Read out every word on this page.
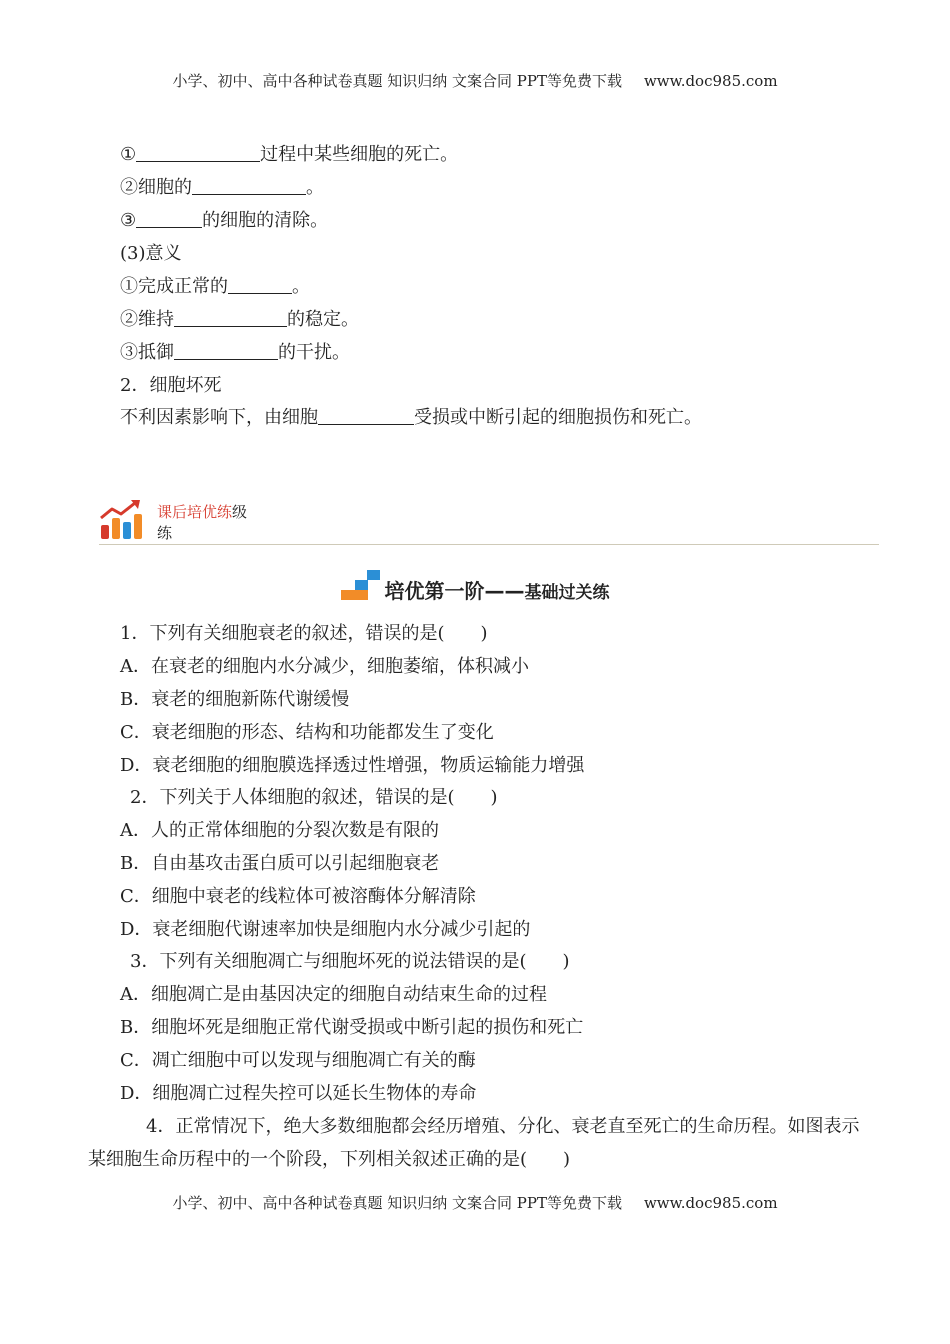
小学、初中、高中各种试卷真题 知识归纳 文案合同 PPT等免费下载 www.doc985.com
①	过程中某些细胞的死亡。
②细胞的	。
③	的细胞的清除。
(3)意义
①完成正常的	。
②维持	的稳定。
③抵御	的干扰。
2．细胞坏死
不利因素影响下，由细胞	受损或中断引起的细胞损伤和死亡。
课后培优练级
练
培优第一阶——基础过关练
1．下列有关细胞衰老的叙述，错误的是(　　)
A．在衰老的细胞内水分减少，细胞萎缩，体积减小
B．衰老的细胞新陈代谢缓慢
C．衰老细胞的形态、结构和功能都发生了变化
D．衰老细胞的细胞膜选择透过性增强，物质运输能力增强
2．下列关于人体细胞的叙述，错误的是(　　)
A．人的正常体细胞的分裂次数是有限的
B．自由基攻击蛋白质可以引起细胞衰老
C．细胞中衰老的线粒体可被溶酶体分解清除
D．衰老细胞代谢速率加快是细胞内水分减少引起的
3．下列有关细胞凋亡与细胞坏死的说法错误的是(　　)
A．细胞凋亡是由基因决定的细胞自动结束生命的过程
B．细胞坏死是细胞正常代谢受损或中断引起的损伤和死亡
C．凋亡细胞中可以发现与细胞凋亡有关的酶
D．细胞凋亡过程失控可以延长生物体的寿命
4．正常情况下，绝大多数细胞都会经历增殖、分化、衰老直至死亡的生命历程。如图表示某细胞生命历程中的一个阶段，下列相关叙述正确的是(　　)
小学、初中、高中各种试卷真题 知识归纳 文案合同 PPT等免费下载 www.doc985.com
